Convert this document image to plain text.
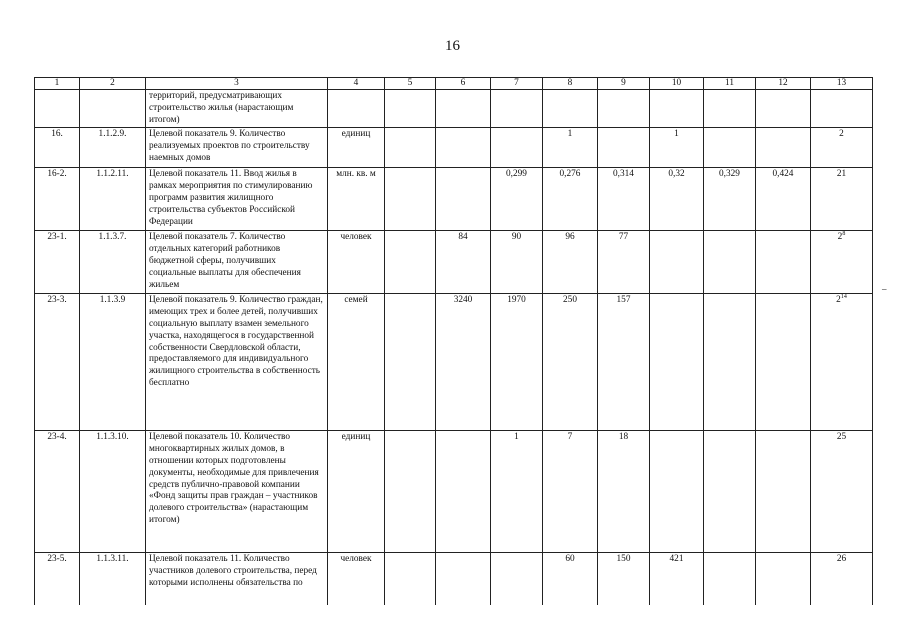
16
1	2	3	4	5	6	7	8	9	10	11	12	13
		территорий, предусматривающих строительство жилья (нарастающим итогом)										
16.	1.1.2.9.	Целевой показатель 9. Количество реализуемых проектов по строительству наемных домов	единиц				1		1			2
16-2.	1.1.2.11.	Целевой показатель 11. Ввод жилья в рамках мероприятия по стимулированию программ развития жилищного строительства субъектов Российской Федерации	млн. кв. м			0,299	0,276	0,314	0,32	0,329	0,424	21
23-1.	1.1.3.7.	Целевой показатель 7. Количество отдельных категорий работников бюджетной сферы, получивших социальные выплаты для обеспечения жильем	человек		84	90	96	77				$2^8$
23-3.	1.1.3.9	Целевой показатель 9. Количество граждан, имеющих трех и более детей, получивших социальную выплату взамен земельного участка, находящегося в государственной собственности Свердловской области, предоставляемого для индивидуального жилищного строительства в собственность бесплатно	семей		3240	1970	250	157				$2^{14}$
23-4.	1.1.3.10.	Целевой показатель 10. Количество многоквартирных жилых домов, в отношении которых подготовлены документы, необходимые для привлечения средств публично-правовой компании «Фонд защиты прав граждан – участников долевого строительства» (нарастающим итогом)	единиц			1	7	18				25
23-5.	1.1.3.11.	Целевой показатель 11. Количество участников долевого строительства, перед которыми исполнены обязательства по	человек				60	150	421			26
–
